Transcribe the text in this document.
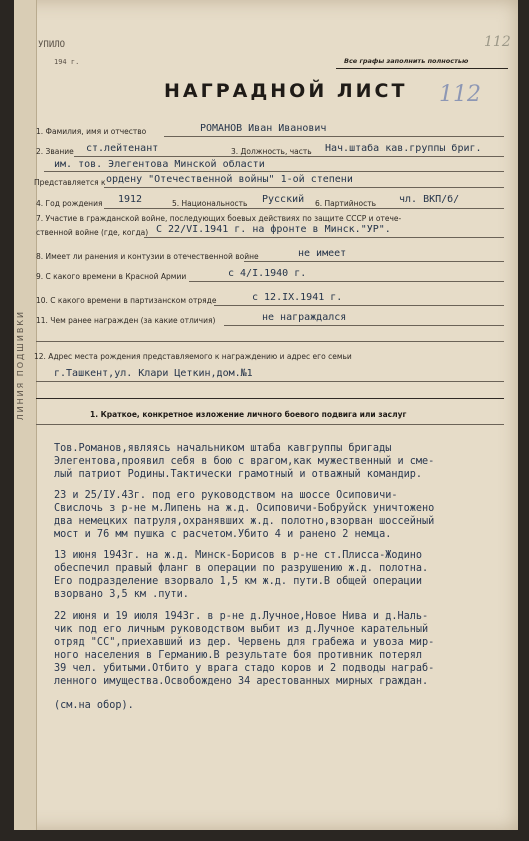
ЛИНИЯ ПОДШИВКИ
УПИЛО
194 г.	Все графы заполнить полностью
112
112
НАГРАДНОЙ ЛИСТ
1. Фамилия, имя и отчество	РОМАНОВ Иван Иванович
2. Звание ст.лейтенант	3. Должность, часть Нач.штаба кав.группы бриг.
им. тов. Элегентова Минской области
Представляется к ордену "Отечественной войны" 1-ой степени
4. Год рождения 1912	5. Национальность Русский 6. Партийность чл. ВКП/б/
7. Участие в гражданской войне, последующих боевых действиях по защите СССР и отече-
ственной войне (где, когда) С 22/VI.1941 г. на фронте в Минск."УР".
8. Имеет ли ранения и контузии в отечественной войне	не имеет
9. С какого времени в Красной Армии	с 4/I.1940 г.
10. С какого времени в партизанском отряде	с 12.IX.1941 г.
11. Чем ранее награжден (за какие отличия)	не награждался
12. Адрес места рождения представляемого к награждению и адрес его семьи
г.Ташкент,ул. Клари Цеткин,дом.№1
1. Краткое, конкретное изложение личного боевого подвига или заслуг
Тов.Романов,являясь начальником штаба кавгруппы бригады
Элегентова,проявил себя в бою с врагом,как мужественный и сме-
лый патриот Родины.Тактически грамотный и отважный командир.
23 и 25/IУ.43г. под его руководством на шоссе Осиповичи-
Свислочь з р-не м.Липень на ж.д. Осиповичи-Бобруйск уничтожено
два немецких патруля,охранявших ж.д. полотно,взорван шоссейный
мост и 76 мм пушка с расчетом.Убито 4 и ранено 2 немца.
13 июня 1943г. на ж.д. Минск-Борисов в р-не ст.Плисса-Жодино
обеспечил правый фланг в операции по разрушению ж.д. полотна.
Его подразделение взорвало 1,5 км ж.д. пути.В общей операции
взорвано 3,5 км .пути.
22 июня и 19 июля 1943г. в р-не д.Лучное,Новое Нива и д.Наль-
чик под его личным руководством выбит из д.Лучное карательный
отряд "СС",приехавший из дер. Червень для грабежа и увоза мир-
ного населения в Германию.В результате боя противник потерял
39 чел. убитыми.Отбито у врага стадо коров и 2 подводы награб-
ленного имущества.Освобождено 34 арестованных мирных граждан.
(см.на обор).
